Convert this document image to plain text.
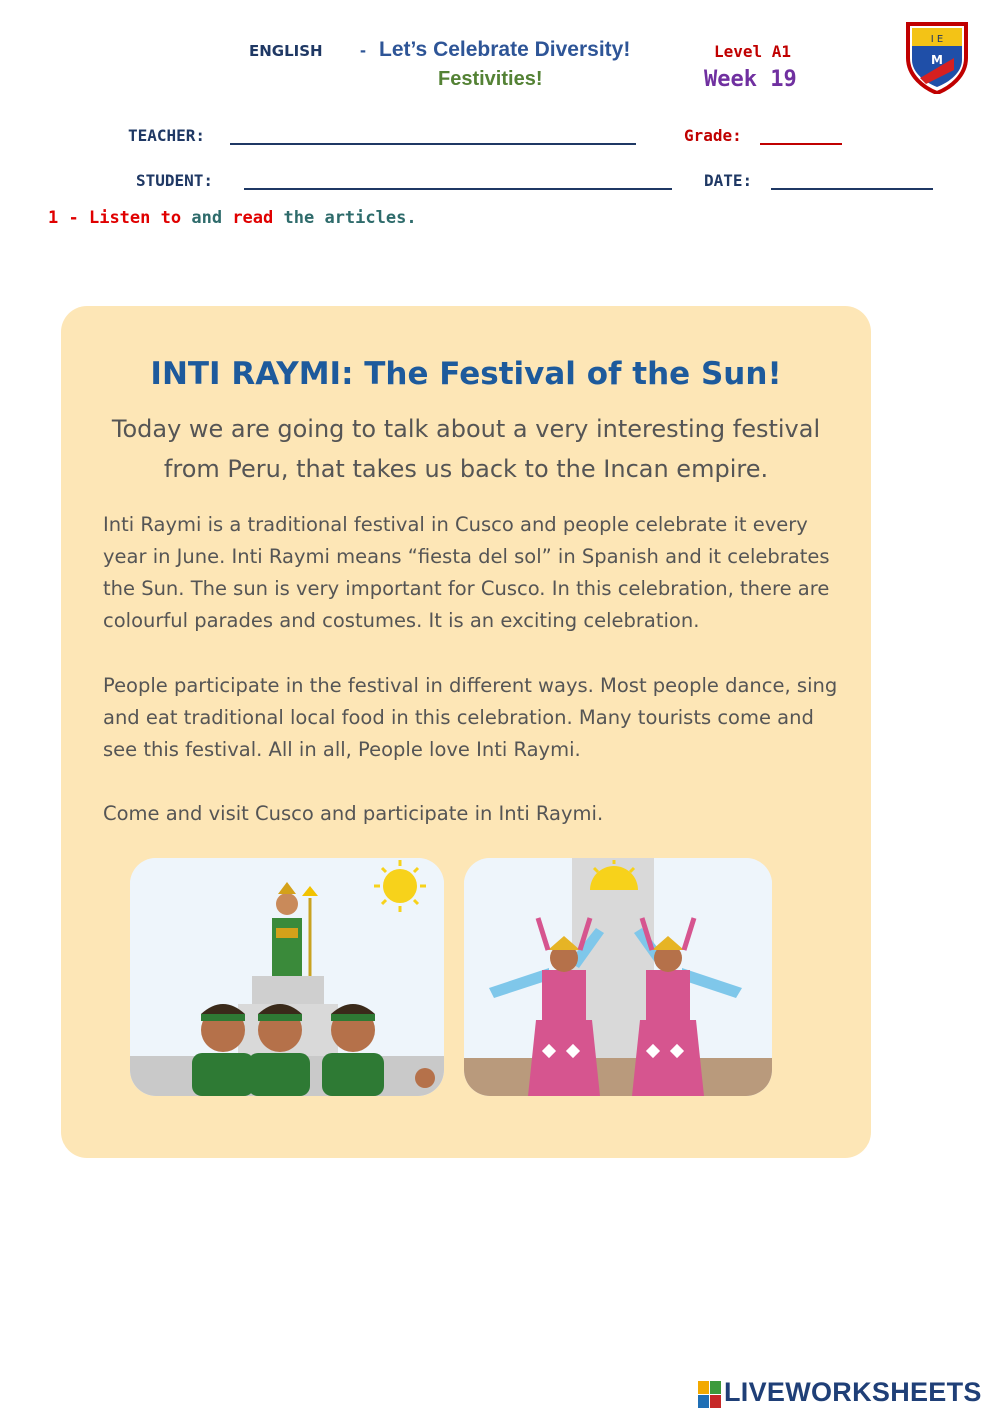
ENGLISH - Let’s Celebrate Diversity!
Festivities!
Level A1
Week 19
I E
M
TEACHER:	Grade:
STUDENT:	DATE:
1 - Listen to and read the articles.
INTI RAYMI: The Festival of the Sun!
Today we are going to talk about a very interesting festival from Peru, that takes us back to the Incan empire.
Inti Raymi is a traditional festival in Cusco and people celebrate it every year in June. Inti Raymi means “fiesta del sol” in Spanish and it celebrates the Sun. The sun is very important for Cusco. In this celebration, there are colourful parades and costumes. It is an exciting celebration.
People participate in the festival in different ways. Most people dance, sing and eat traditional local food in this celebration. Many tourists come and see this festival. All in all, People love Inti Raymi.
Come and visit Cusco and participate in Inti Raymi.
LIVEWORKSHEETS
